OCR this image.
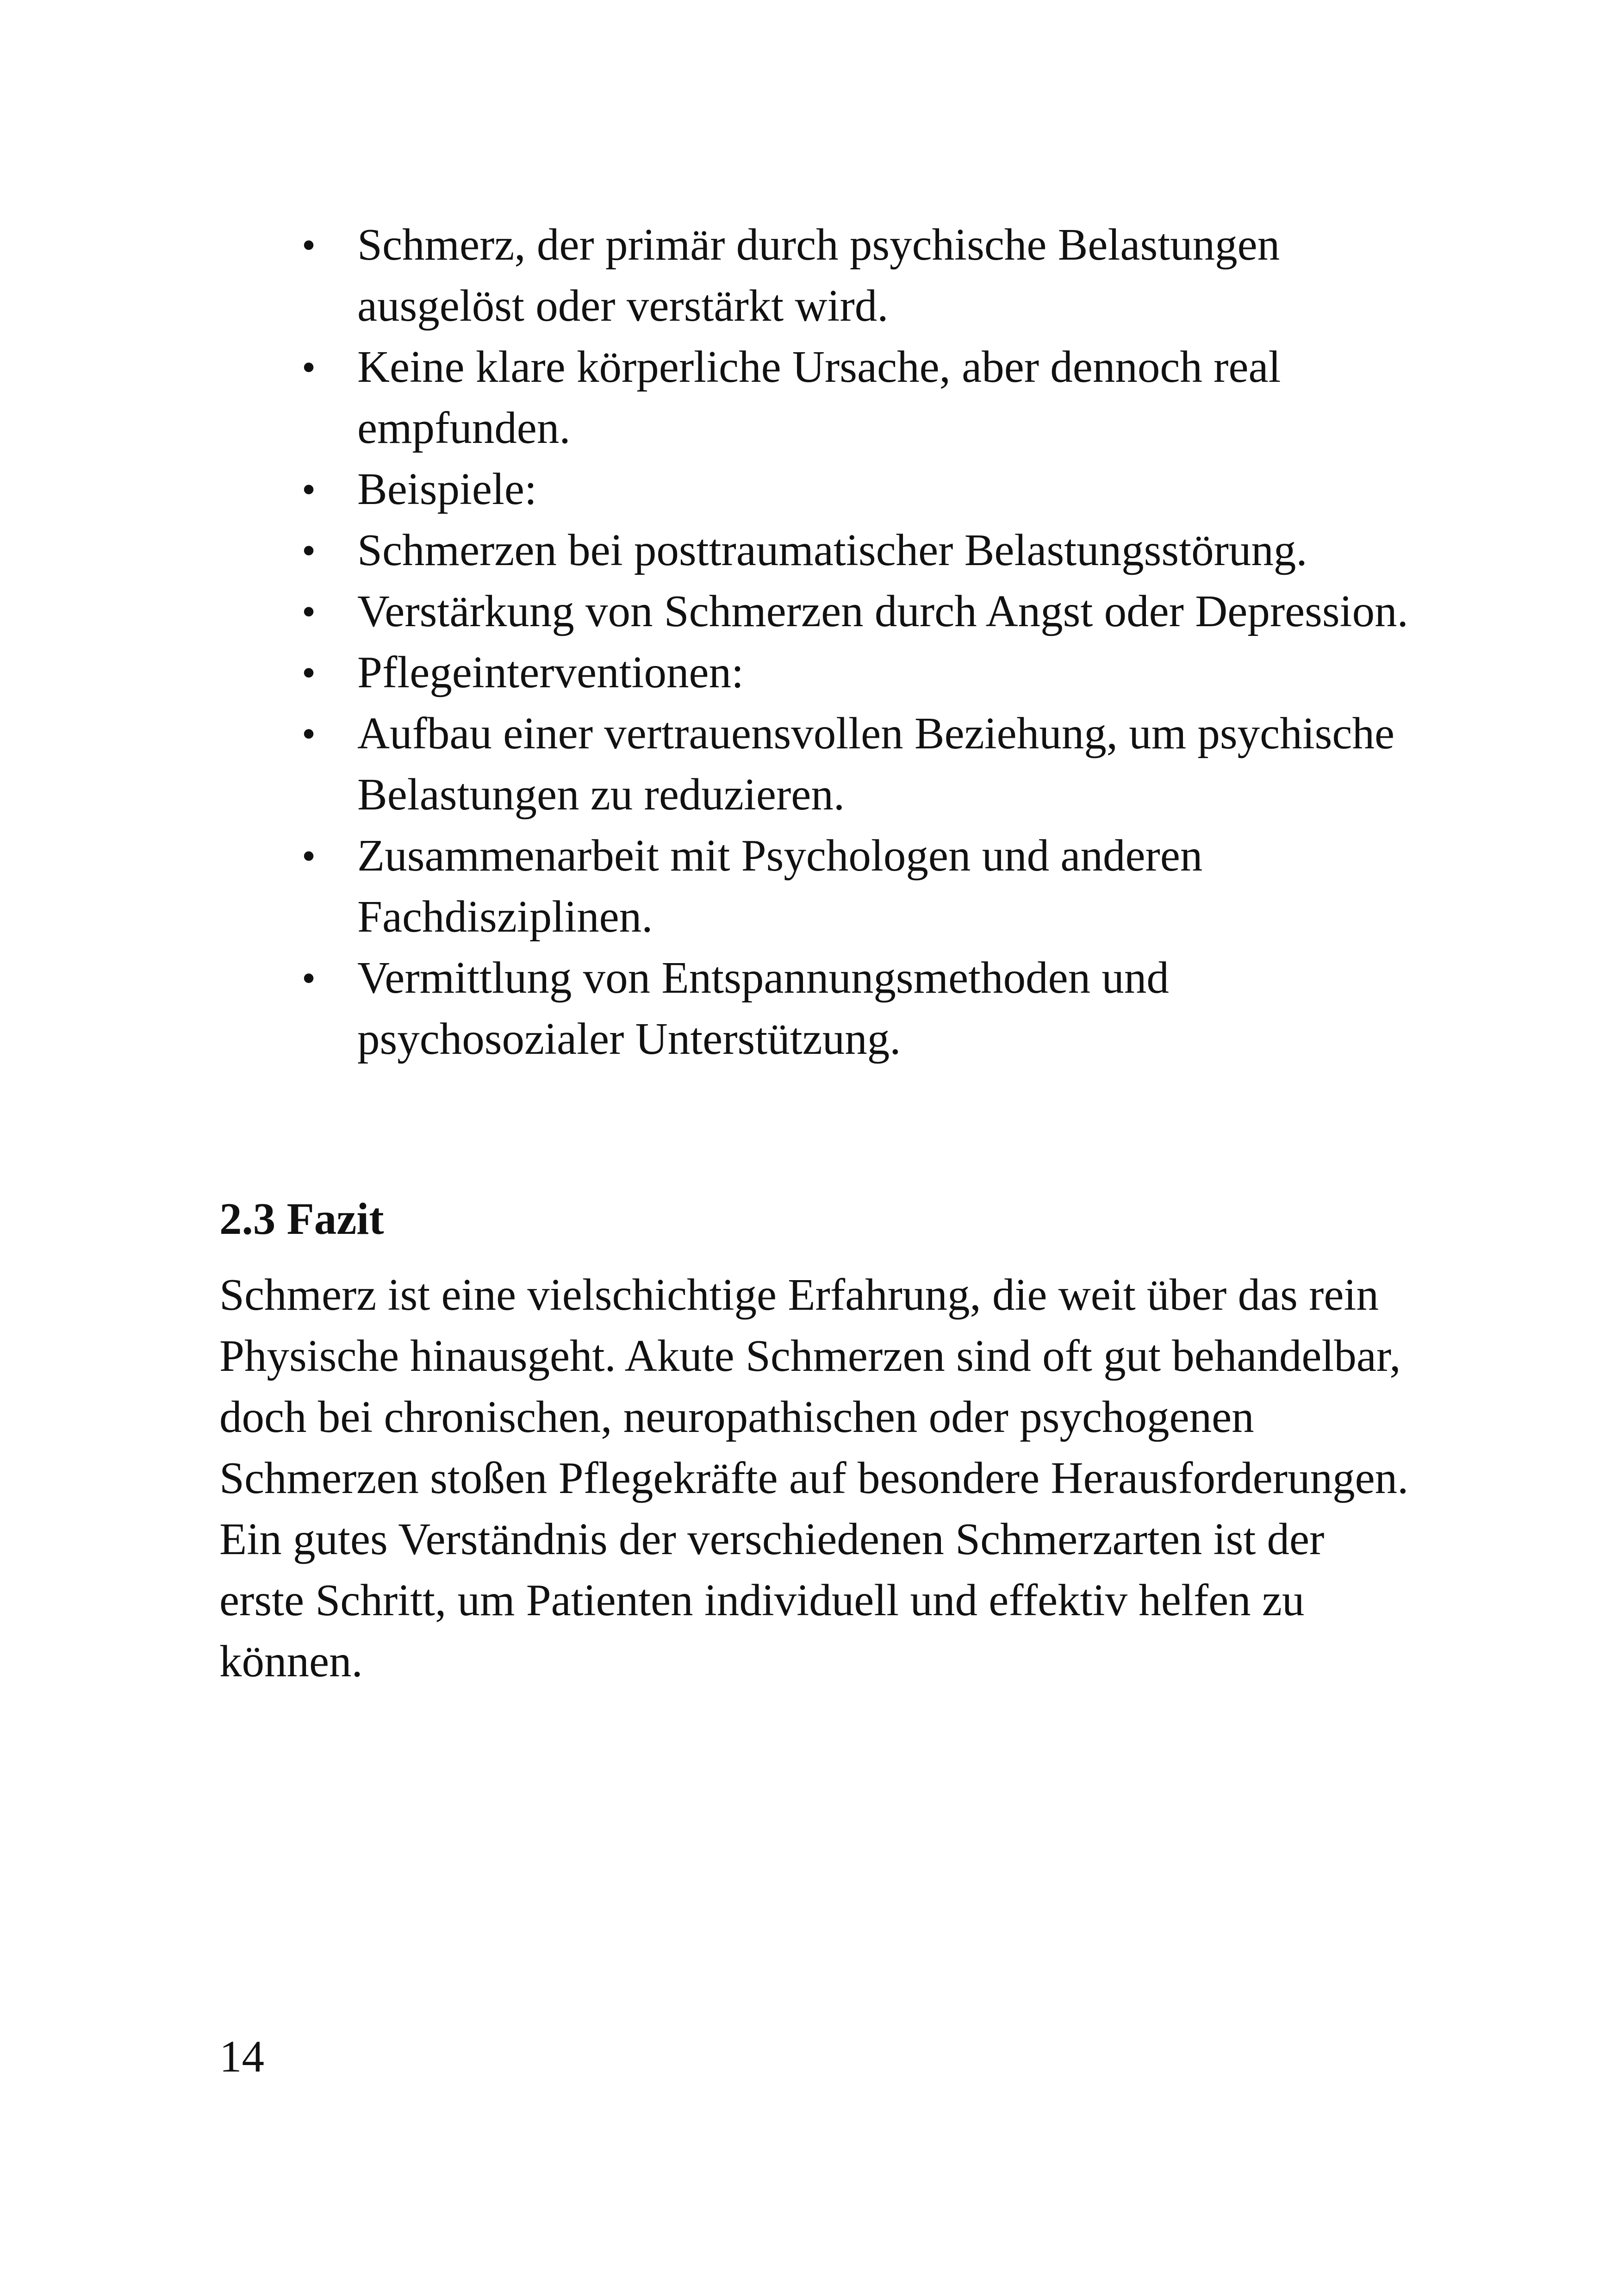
• Schmerz, der primär durch psychische Belastungen ausgelöst oder verstärkt wird.
• Keine klare körperliche Ursache, aber dennoch real empfunden.
• Beispiele:
• Schmerzen bei posttraumatischer Belastungsstörung.
• Verstärkung von Schmerzen durch Angst oder Depression.
• Pflegeinterventionen:
• Aufbau einer vertrauensvollen Beziehung, um psychische Belastungen zu reduzieren.
• Zusammenarbeit mit Psychologen und anderen Fachdisziplinen.
• Vermittlung von Entspannungsmethoden und psychosozialer Unterstützung.
2.3 Fazit

Schmerz ist eine vielschichtige Erfahrung, die weit über das rein Physische hinausgeht. Akute Schmerzen sind oft gut behandelbar, doch bei chronischen, neuropathischen oder psychogenen Schmerzen stoßen Pflegekräfte auf besondere Herausforderungen. Ein gutes Verständnis der verschiedenen Schmerzarten ist der erste Schritt, um Patienten individuell und effektiv helfen zu können.

14
